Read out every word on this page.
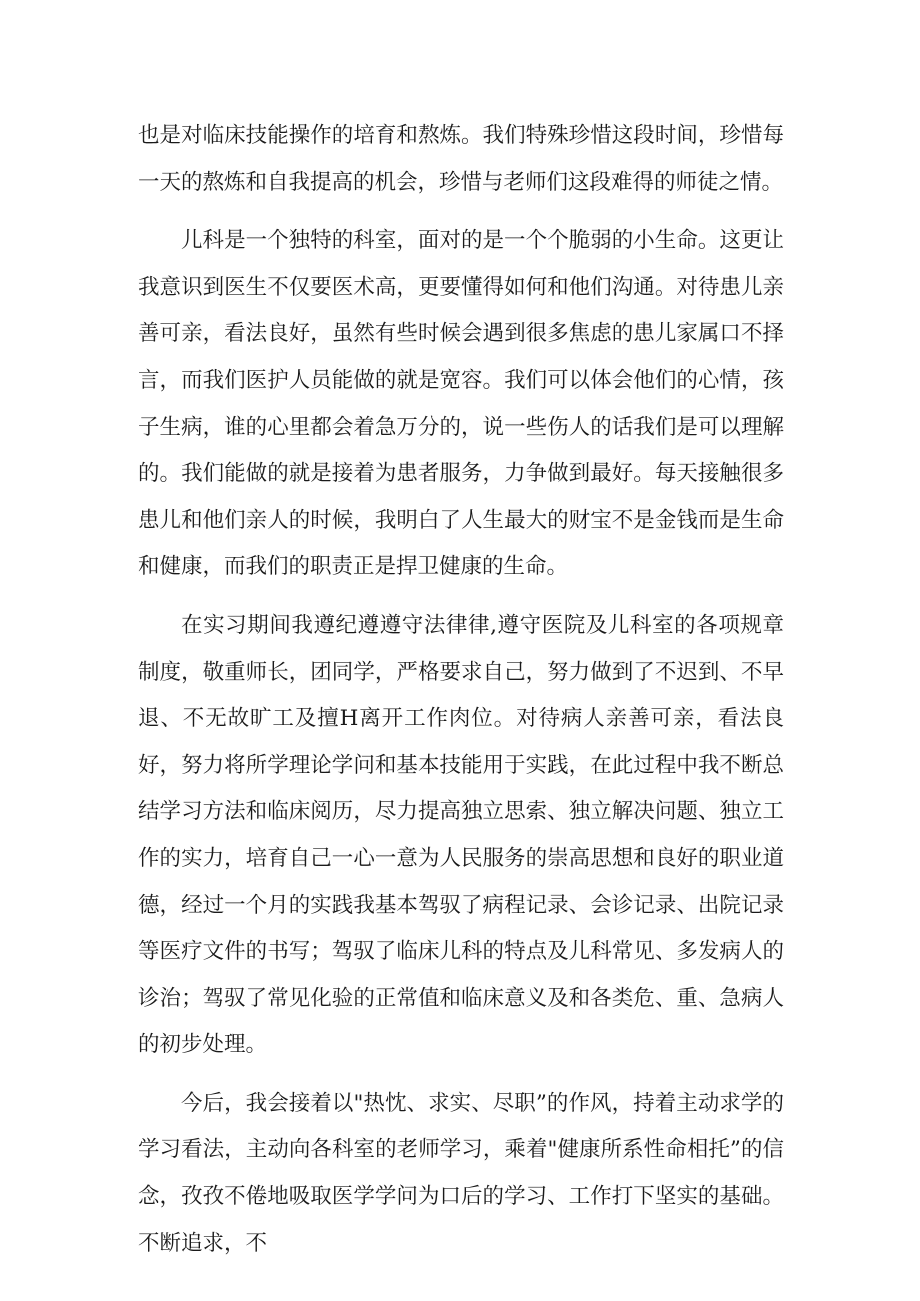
也是对临床技能操作的培育和熬炼。我们特殊珍惜这段时间，珍惜每一天的熬炼和自我提高的机会，珍惜与老师们这段难得的师徒之情。

儿科是一个独特的科室，面对的是一个个脆弱的小生命。这更让我意识到医生不仅要医术高，更要懂得如何和他们沟通。对待患儿亲善可亲，看法良好，虽然有些时候会遇到很多焦虑的患儿家属口不择言，而我们医护人员能做的就是宽容。我们可以体会他们的心情，孩子生病，谁的心里都会着急万分的，说一些伤人的话我们是可以理解的。我们能做的就是接着为患者服务，力争做到最好。每天接触很多患儿和他们亲人的时候，我明白了人生最大的财宝不是金钱而是生命和健康，而我们的职责正是捍卫健康的生命。

在实习期间我遵纪遵遵守法律律,遵守医院及儿科室的各项规章制度，敬重师长，团同学，严格要求自己，努力做到了不迟到、不早退、不无故旷工及擅H离开工作肉位。对待病人亲善可亲，看法良好，努力将所学理论学问和基本技能用于实践，在此过程中我不断总结学习方法和临床阅历，尽力提高独立思索、独立解决问题、独立工作的实力，培育自己一心一意为人民服务的崇高思想和良好的职业道德，经过一个月的实践我基本驾驭了病程记录、会诊记录、出院记录等医疗文件的书写；驾驭了临床儿科的特点及儿科常见、多发病人的诊治；驾驭了常见化验的正常值和临床意义及和各类危、重、急病人的初步处理。

今后，我会接着以"热忱、求实、尽职”的作风，持着主动求学的学习看法，主动向各科室的老师学习，乘着"健康所系性命相托”的信念，孜孜不倦地吸取医学学问为口后的学习、工作打下坚实的基础。不断追求，不
